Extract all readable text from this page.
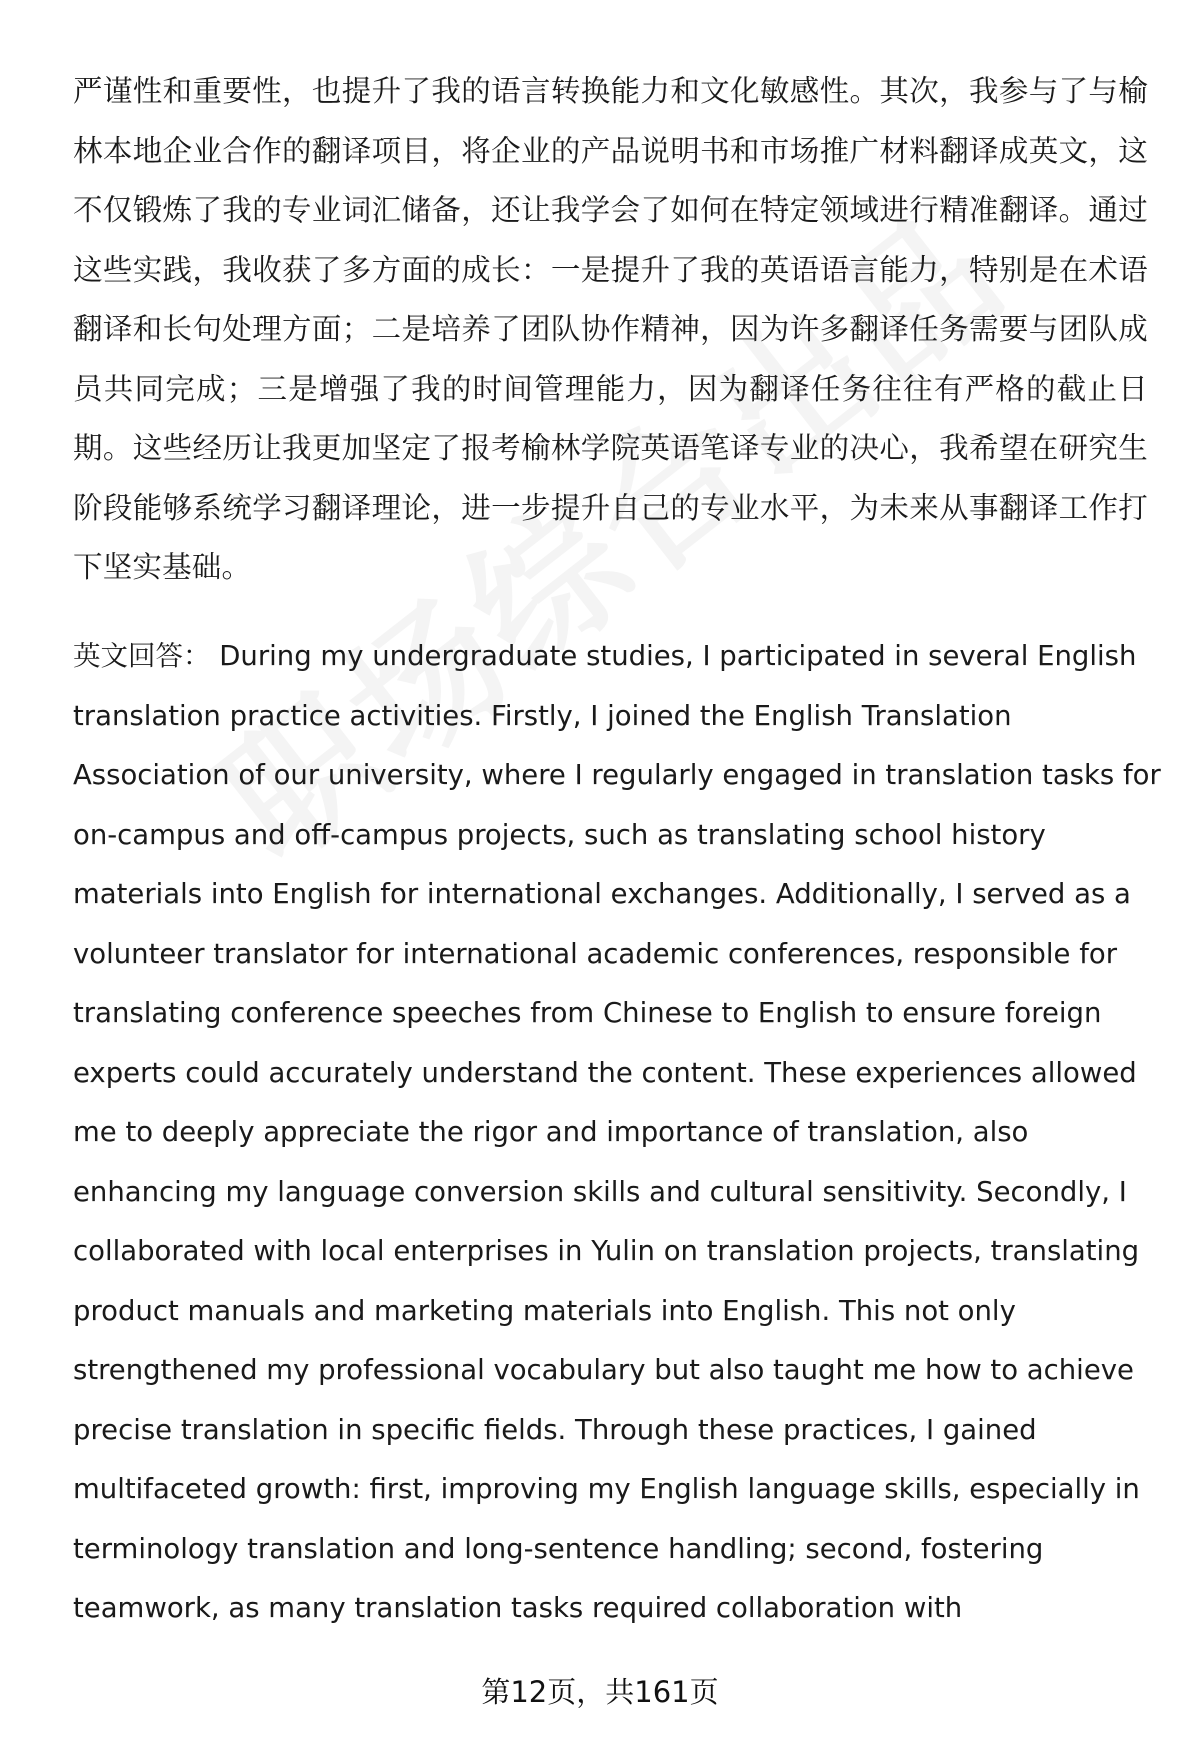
严谨性和重要性，也提升了我的语言转换能力和文化敏感性。其次，我参与了与榆林本地企业合作的翻译项目，将企业的产品说明书和市场推广材料翻译成英文，这不仅锻炼了我的专业词汇储备，还让我学会了如何在特定领域进行精准翻译。通过这些实践，我收获了多方面的成长：一是提升了我的英语语言能力，特别是在术语翻译和长句处理方面；二是培养了团队协作精神，因为许多翻译任务需要与团队成员共同完成；三是增强了我的时间管理能力，因为翻译任务往往有严格的截止日期。这些经历让我更加坚定了报考榆林学院英语笔译专业的决心，我希望在研究生阶段能够系统学习翻译理论，进一步提升自己的专业水平，为未来从事翻译工作打下坚实基础。

英文回答： During my undergraduate studies, I participated in several English translation practice activities. Firstly, I joined the English Translation Association of our university, where I regularly engaged in translation tasks for on-campus and off-campus projects, such as translating school history materials into English for international exchanges. Additionally, I served as a volunteer translator for international academic conferences, responsible for translating conference speeches from Chinese to English to ensure foreign experts could accurately understand the content. These experiences allowed me to deeply appreciate the rigor and importance of translation, also enhancing my language conversion skills and cultural sensitivity. Secondly, I collaborated with local enterprises in Yulin on translation projects, translating product manuals and marketing materials into English. This not only strengthened my professional vocabulary but also taught me how to achieve precise translation in specific fields. Through these practices, I gained multifaceted growth: first, improving my English language skills, especially in terminology translation and long-sentence handling; second, fostering teamwork, as many translation tasks required collaboration with

第12页，共161页
